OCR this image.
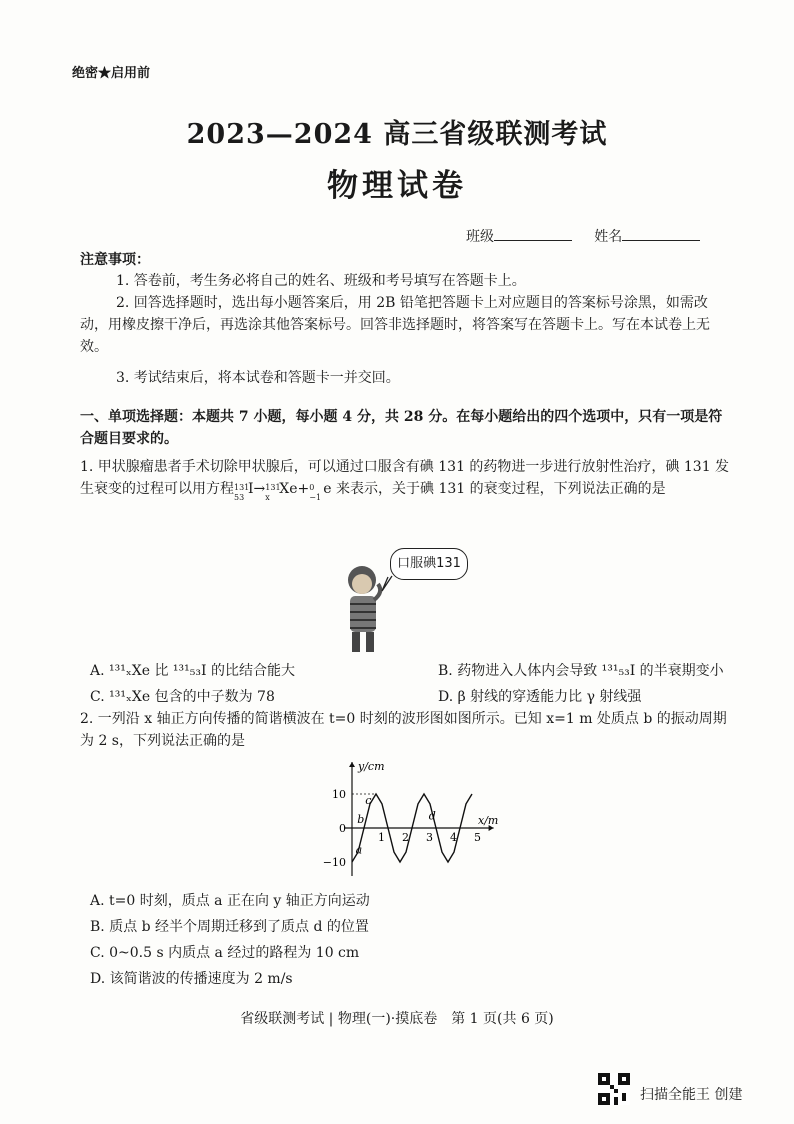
绝密★启用前
2023—2024 高三省级联测考试
物理试卷
班级	姓名
注意事项：
1. 答卷前，考生务必将自己的姓名、班级和考号填写在答题卡上。
2. 回答选择题时，选出每小题答案后，用 2B 铅笔把答题卡上对应题目的答案标号涂黑，如需改动，用橡皮擦干净后，再选涂其他答案标号。回答非选择题时，将答案写在答题卡上。写在本试卷上无效。
3. 考试结束后，将本试卷和答题卡一并交回。
一、单项选择题：本题共 7 小题，每小题 4 分，共 28 分。在每小题给出的四个选项中，只有一项是符合题目要求的。
1. 甲状腺瘤患者手术切除甲状腺后，可以通过口服含有碘 131 的药物进一步进行放射性治疗，碘 131 发生衰变的过程可以用方程 131
53
I→ 131
x
Xe+ 0
−1
e 来表示，关于碘 131 的衰变过程，下列说法正确的是
口服碘131
A. ¹³¹ₓXe 比 ¹³¹₅₃I 的比结合能大	B. 药物进入人体内会导致 ¹³¹₅₃I 的半衰期变小
C. ¹³¹ₓXe 包含的中子数为 78	D. β 射线的穿透能力比 γ 射线强
2. 一列沿 x 轴正方向传播的简谐横波在 t=0 时刻的波形图如图所示。已知 x=1 m 处质点 b 的振动周期为 2 s，下列说法正确的是
1 2 3 4 5
10
0
−10
y/cm
x/m
a
b
c
d
A. t=0 时刻，质点 a 正在向 y 轴正方向运动
B. 质点 b 经半个周期迁移到了质点 d 的位置
C. 0~0.5 s 内质点 a 经过的路程为 10 cm
D. 该简谐波的传播速度为 2 m/s
省级联测考试 | 物理(一)·摸底卷　第 1 页(共 6 页)
扫描全能王 创建
